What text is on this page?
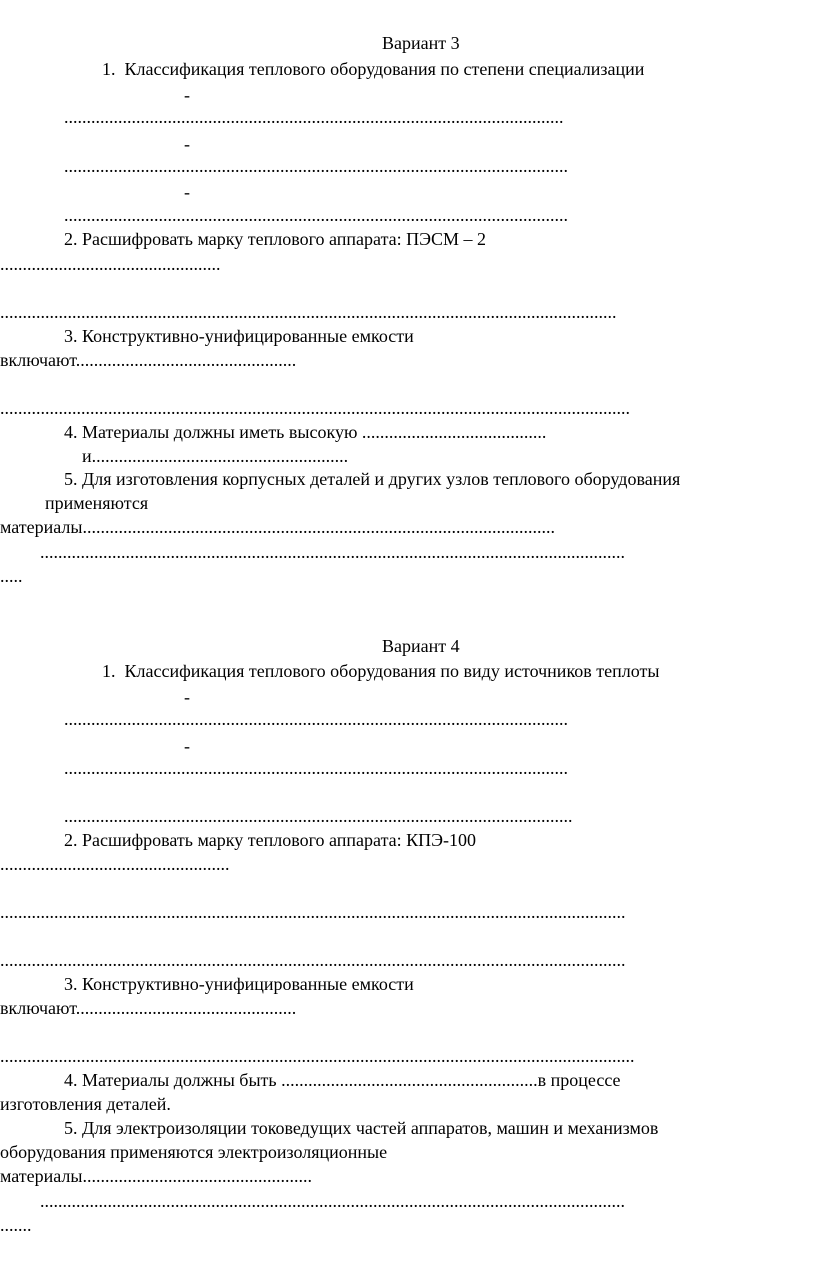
Вариант 3
1.  Классификация теплового оборудования по степени специализации
-
...............................................................................................................
-
................................................................................................................
-
................................................................................................................
2. Расшифровать марку теплового аппарата: ПЭСМ – 2
.................................................
.........................................................................................................................................
3. Конструктивно-унифицированные емкости
включают.................................................
............................................................................................................................................
4. Материалы должны иметь высокую .........................................
и.........................................................
5. Для изготовления корпусных деталей и других узлов теплового оборудования
применяются
материалы.........................................................................................................
..................................................................................................................................
.....
Вариант 4
1.  Классификация теплового оборудования по виду источников теплоты
-
................................................................................................................
-
................................................................................................................
.................................................................................................................
2. Расшифровать марку теплового аппарата: КПЭ-100
...................................................
...........................................................................................................................................
...........................................................................................................................................
3. Конструктивно-унифицированные емкости
включают.................................................
.............................................................................................................................................
4. Материалы должны быть .........................................................в процессе
изготовления деталей.
5. Для электроизоляции токоведущих частей аппаратов, машин и механизмов
оборудования применяются электроизоляционные
материалы...................................................
..................................................................................................................................
.......
